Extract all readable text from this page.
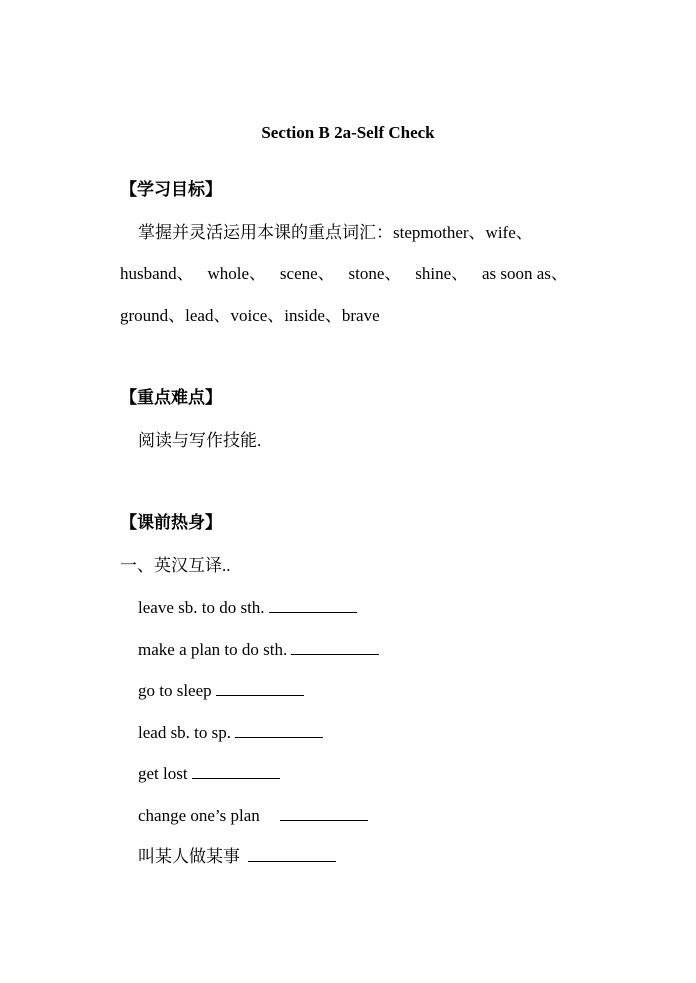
Section B 2a-Self Check
【学习目标】
掌握并灵活运用本课的重点词汇：stepmother、wife、
husband、 whole、 scene、 stone、 shine、 as soon as、
ground、lead、voice、inside、brave
【重点难点】
阅读与写作技能.
【课前热身】
一、英汉互译..
leave sb. to do sth.
make a plan to do sth.
go to sleep
lead sb. to sp.
get lost
change one’s plan
叫某人做某事
